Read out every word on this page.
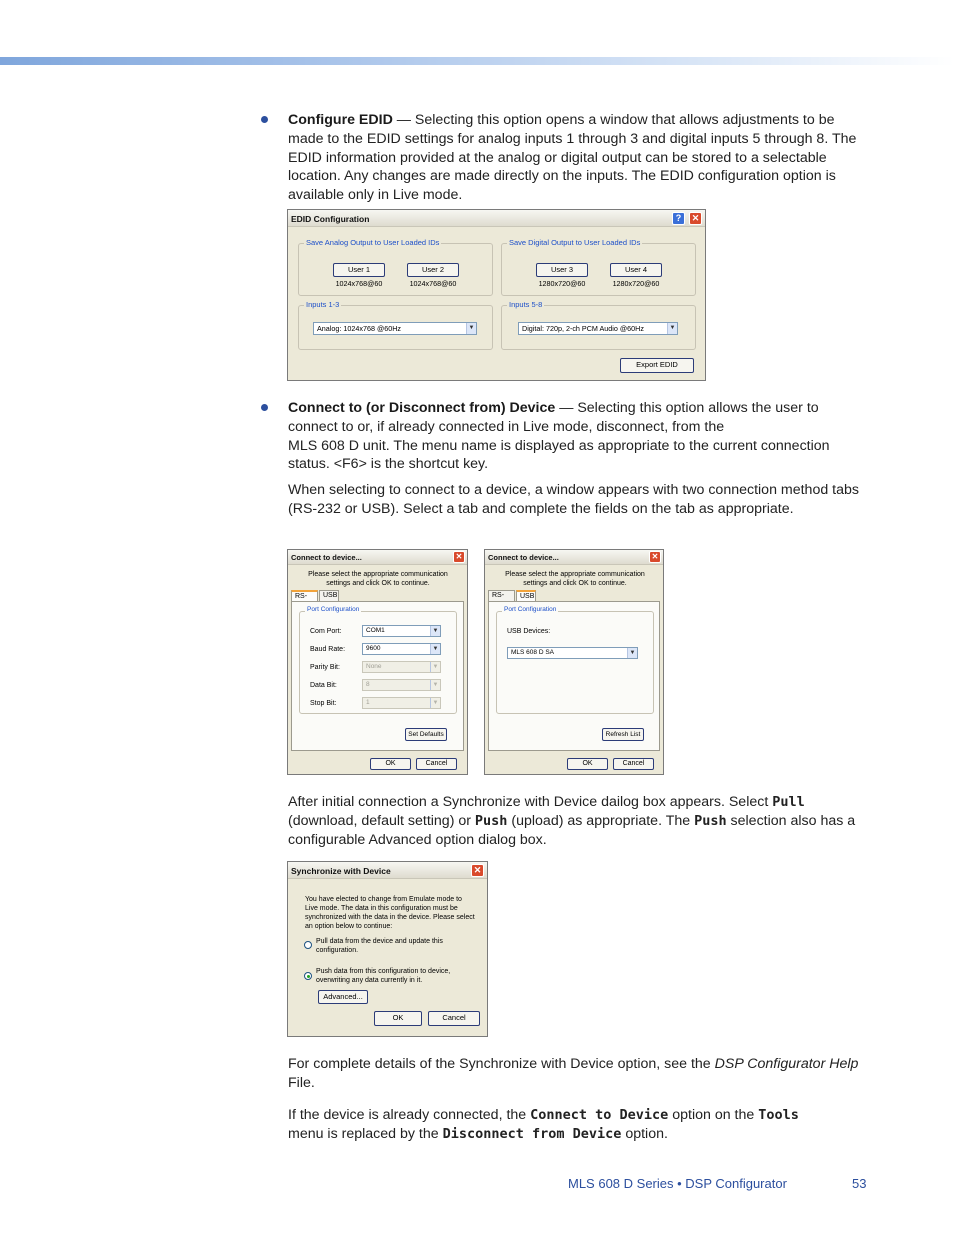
Configure EDID — Selecting this option opens a window that allows adjustments to be made to the EDID settings for analog inputs 1 through 3 and digital inputs 5 through 8. The EDID information provided at the analog or digital output can be stored to a selectable location. Any changes are made directly on the inputs. The EDID configuration option is available only in Live mode.
EDID Configuration	?	✕
Save Analog Output to User Loaded IDs
User 1
1024x768@60
User 2
1024x768@60
Save Digital Output to User Loaded IDs
User 3
1280x720@60
User 4
1280x720@60
Inputs 1-3
Analog: 1024x768 @60Hz	▼
Inputs 5-8
Digital: 720p, 2-ch PCM Audio @60Hz	▼
Export EDID
Connect to (or Disconnect from) Device — Selecting this option allows the user to connect to or, if already connected in Live mode, disconnect, from the
MLS 608 D unit. The menu name is displayed as appropriate to the current connection status. <F6> is the shortcut key.
When selecting to connect to a device, a window appears with two connection method tabs (RS-232 or USB). Select a tab and complete the fields on the tab as appropriate.
Connect to device...	✕
Please select the appropriate communication settings and click OK to continue.
RS-	USB
Port Configuration
Com Port:	COM1	▼
Baud Rate:	9600	▼
Parity Bit:	None	▼
Data Bit:	8	▼
Stop Bit:	1	▼
Set Defaults
OK	Cancel
Connect to device...	✕
Please select the appropriate communication settings and click OK to continue.
RS-	USB
Port Configuration
USB Devices:
MLS 608 D SA	▼
Refresh List
OK	Cancel
After initial connection a Synchronize with Device dailog box appears. Select Pull (download, default setting) or Push (upload) as appropriate. The Push selection also has a configurable Advanced option dialog box.
Synchronize with Device	✕
You have elected to change from Emulate mode to Live mode. The data in this configuration must be synchronized with the data in the device. Please select an option below to continue:
Pull data from the device and update this configuration.
Push data from this configuration to device, overwriting any data currently in it.
Advanced...
OK	Cancel
For complete details of the Synchronize with Device option, see the DSP Configurator Help File.
If the device is already connected, the Connect to Device option on the Tools
menu is replaced by the Disconnect from Device option.
MLS 608 D Series • DSP Configurator	53
